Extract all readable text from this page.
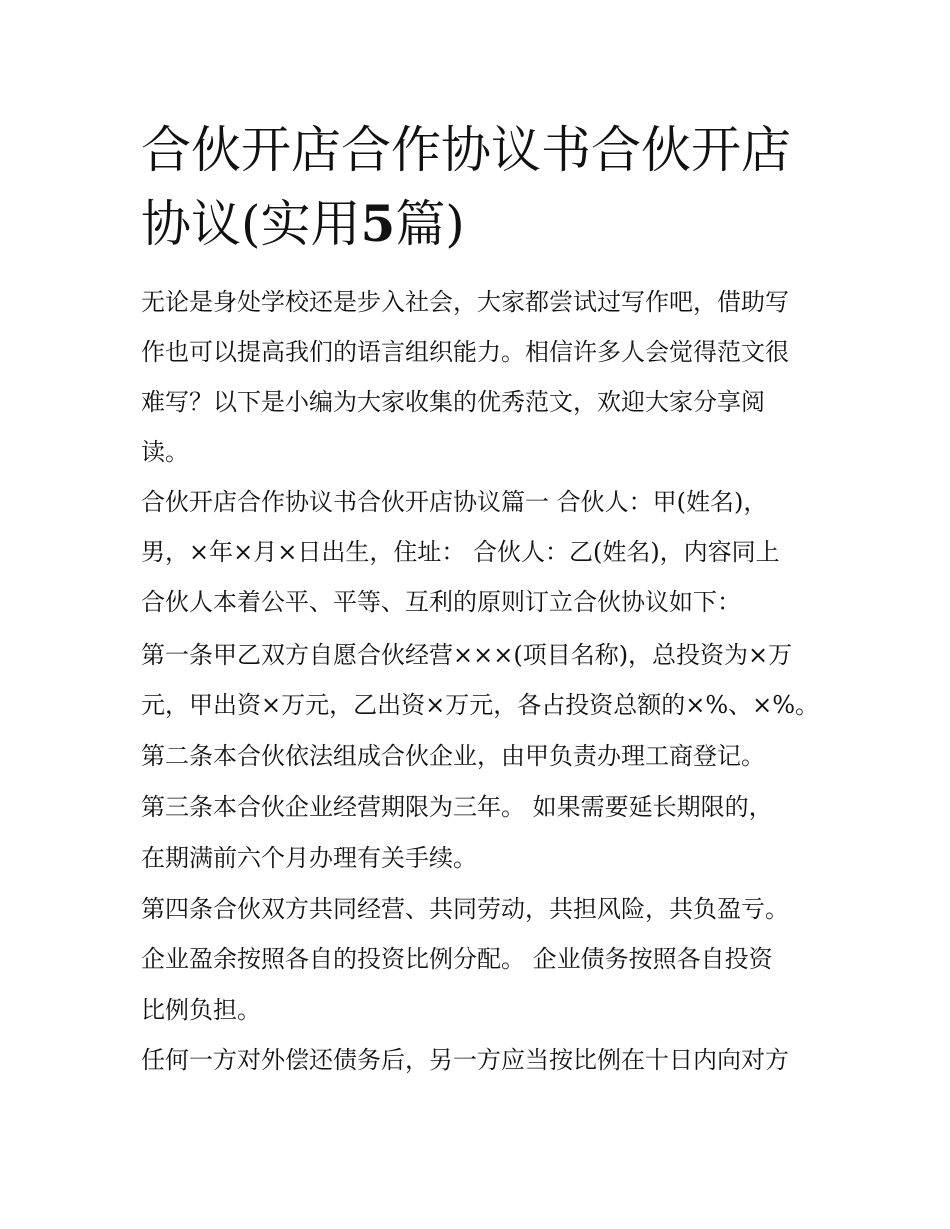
合伙开店合作协议书合伙开店协议(实用5篇)

无论是身处学校还是步入社会，大家都尝试过写作吧，借助写

作也可以提高我们的语言组织能力。相信许多人会觉得范文很

难写？以下是小编为大家收集的优秀范文，欢迎大家分享阅

读。

合伙开店合作协议书合伙开店协议篇一 合伙人：甲(姓名)，

男，×年×月×日出生，住址： 合伙人：乙(姓名)，内容同上

合伙人本着公平、平等、互利的原则订立合伙协议如下：

第一条甲乙双方自愿合伙经营×××(项目名称)，总投资为×万

元，甲出资×万元，乙出资×万元，各占投资总额的×%、×%。

第二条本合伙依法组成合伙企业，由甲负责办理工商登记。

第三条本合伙企业经营期限为三年。 如果需要延长期限的，

在期满前六个月办理有关手续。

第四条合伙双方共同经营、共同劳动，共担风险，共负盈亏。

企业盈余按照各自的投资比例分配。 企业债务按照各自投资

比例负担。

任何一方对外偿还债务后，另一方应当按比例在十日内向对方
